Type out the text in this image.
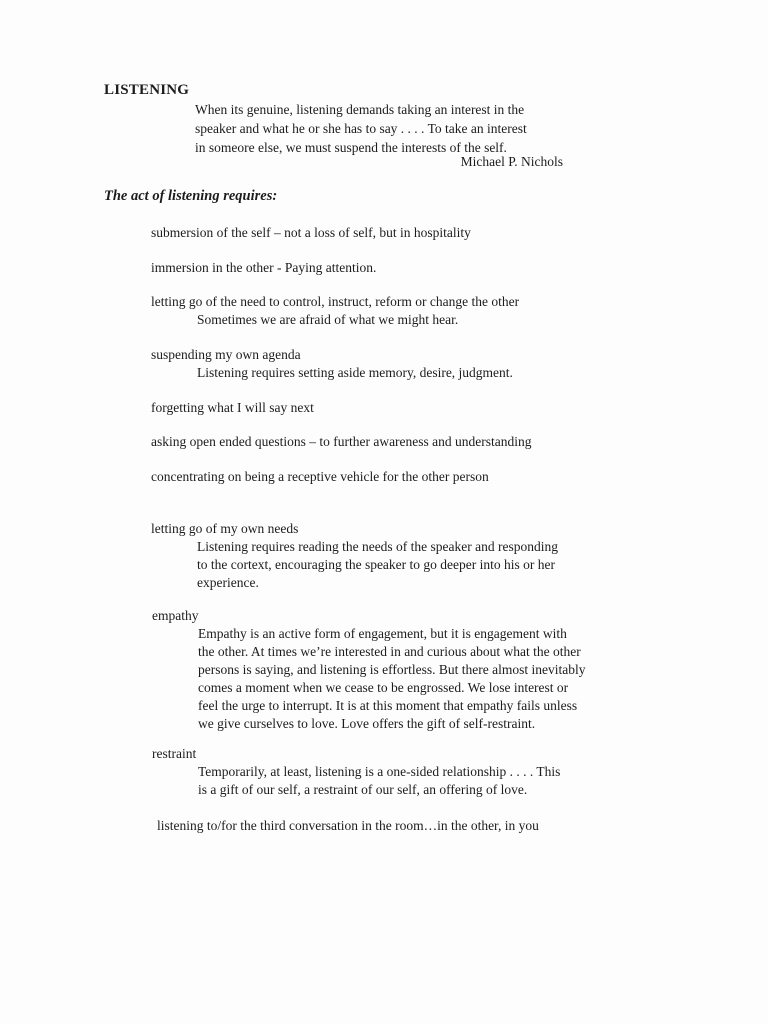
LISTENING

When its genuine, listening demands taking an interest in the

speaker and what he or she has to say . . . . To take an interest

in someore else, we must suspend the interests of the self.

Michael P. Nichols
The act of listening requires:
submersion of the self – not a loss of self, but in hospitality
immersion in the other - Paying attention.
letting go of the need to control, instruct, reform or change the other

Sometimes we are afraid of what we might hear.

suspending my own agenda

Listening requires setting aside memory, desire, judgment.

forgetting what I will say next
asking open ended questions – to further awareness and understanding
concentrating on being a receptive vehicle for the other person
letting go of my own needs

Listening requires reading the needs of the speaker and responding

to the cortext, encouraging the speaker to go deeper into his or her

experience.

empathy

Empathy is an active form of engagement, but it is engagement with

the other. At times we’re interested in and curious about what the other

persons is saying, and listening is effortless. But there almost inevitably

comes a moment when we cease to be engrossed. We lose interest or

feel the urge to interrupt. It is at this moment that empathy fails unless

we give curselves to love. Love offers the gift of self-restraint.

restraint

Temporarily, at least, listening is a one-sided relationship . . . . This

is a gift of our self, a restraint of our self, an offering of love.

listening to/for the third conversation in the room…in the other, in you
